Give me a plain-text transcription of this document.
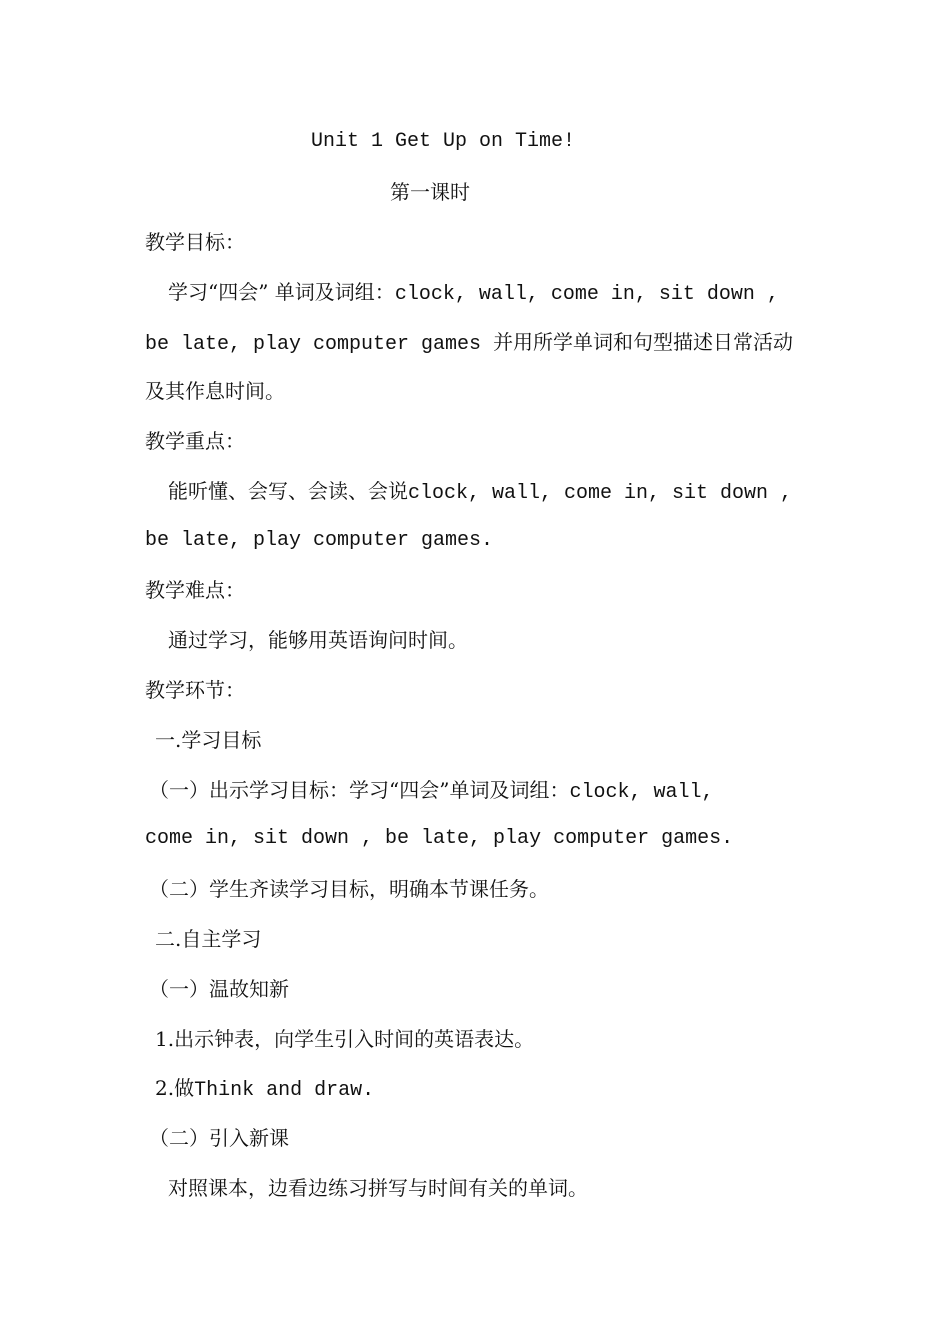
Unit 1 Get Up on Time!
第一课时
教学目标：
学习“四会” 单词及词组：clock, wall, come in, sit down ,
be late, play computer games 并用所学单词和句型描述日常活动
及其作息时间。
教学重点：
能听懂、会写、会读、会说clock, wall, come in, sit down ,
be late, play computer games.
教学难点：
通过学习，能够用英语询问时间。
教学环节：
一.学习目标
（一）出示学习目标：学习“四会”单词及词组：clock, wall,
come in, sit down , be late, play computer games.
（二）学生齐读学习目标，明确本节课任务。
二.自主学习
（一）温故知新
1.出示钟表，向学生引入时间的英语表达。
2.做Think and draw.
（二）引入新课
对照课本，边看边练习拼写与时间有关的单词。
